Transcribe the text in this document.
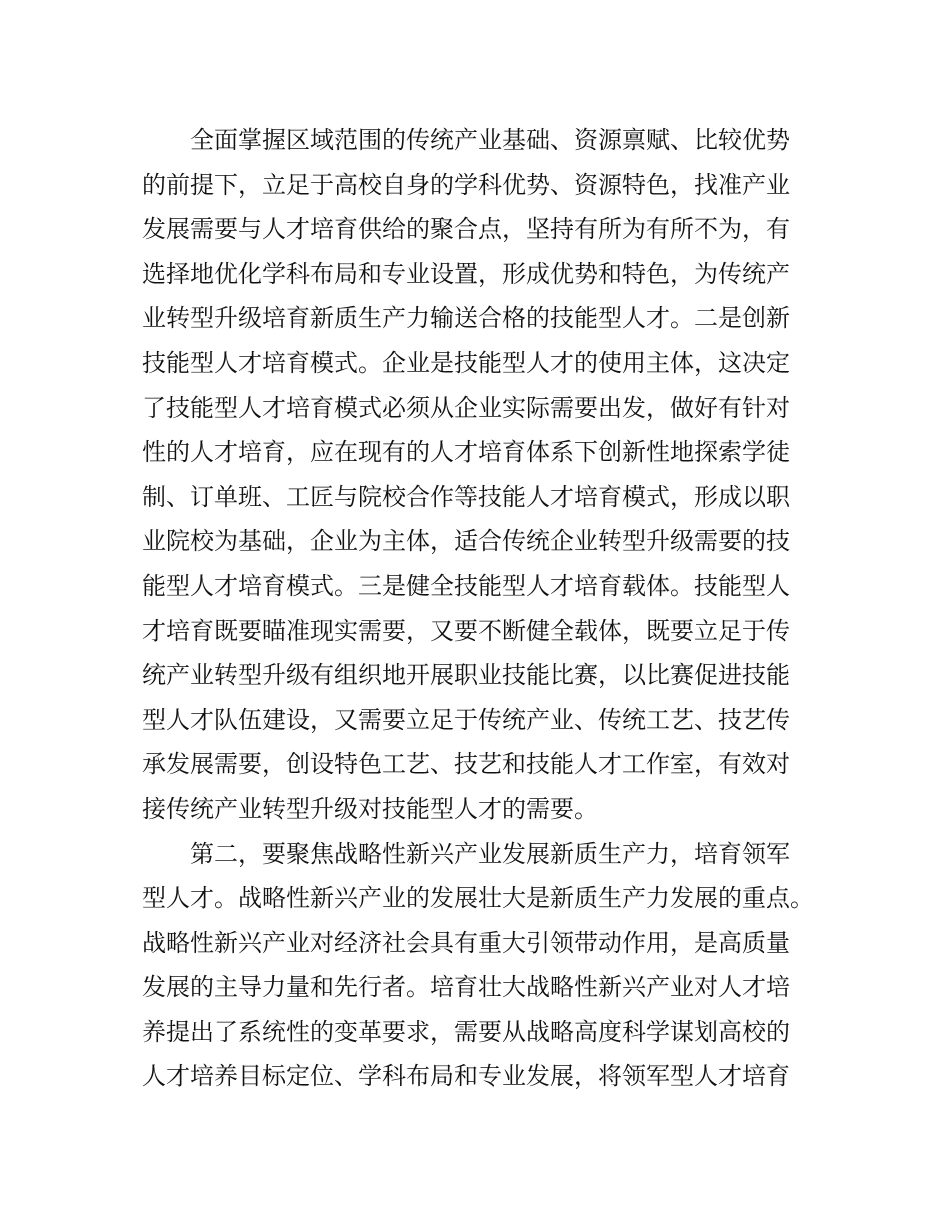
全面掌握区域范围的传统产业基础、资源禀赋、比较优势
的前提下，立足于高校自身的学科优势、资源特色，找准产业
发展需要与人才培育供给的聚合点，坚持有所为有所不为，有
选择地优化学科布局和专业设置，形成优势和特色，为传统产
业转型升级培育新质生产力输送合格的技能型人才。二是创新
技能型人才培育模式。企业是技能型人才的使用主体，这决定
了技能型人才培育模式必须从企业实际需要出发，做好有针对
性的人才培育，应在现有的人才培育体系下创新性地探索学徒
制、订单班、工匠与院校合作等技能人才培育模式，形成以职
业院校为基础，企业为主体，适合传统企业转型升级需要的技
能型人才培育模式。三是健全技能型人才培育载体。技能型人
才培育既要瞄准现实需要，又要不断健全载体，既要立足于传
统产业转型升级有组织地开展职业技能比赛，以比赛促进技能
型人才队伍建设，又需要立足于传统产业、传统工艺、技艺传
承发展需要，创设特色工艺、技艺和技能人才工作室，有效对
接传统产业转型升级对技能型人才的需要。
第二，要聚焦战略性新兴产业发展新质生产力，培育领军
型人才。战略性新兴产业的发展壮大是新质生产力发展的重点。
战略性新兴产业对经济社会具有重大引领带动作用，是高质量
发展的主导力量和先行者。培育壮大战略性新兴产业对人才培
养提出了系统性的变革要求，需要从战略高度科学谋划高校的
人才培养目标定位、学科布局和专业发展，将领军型人才培育
